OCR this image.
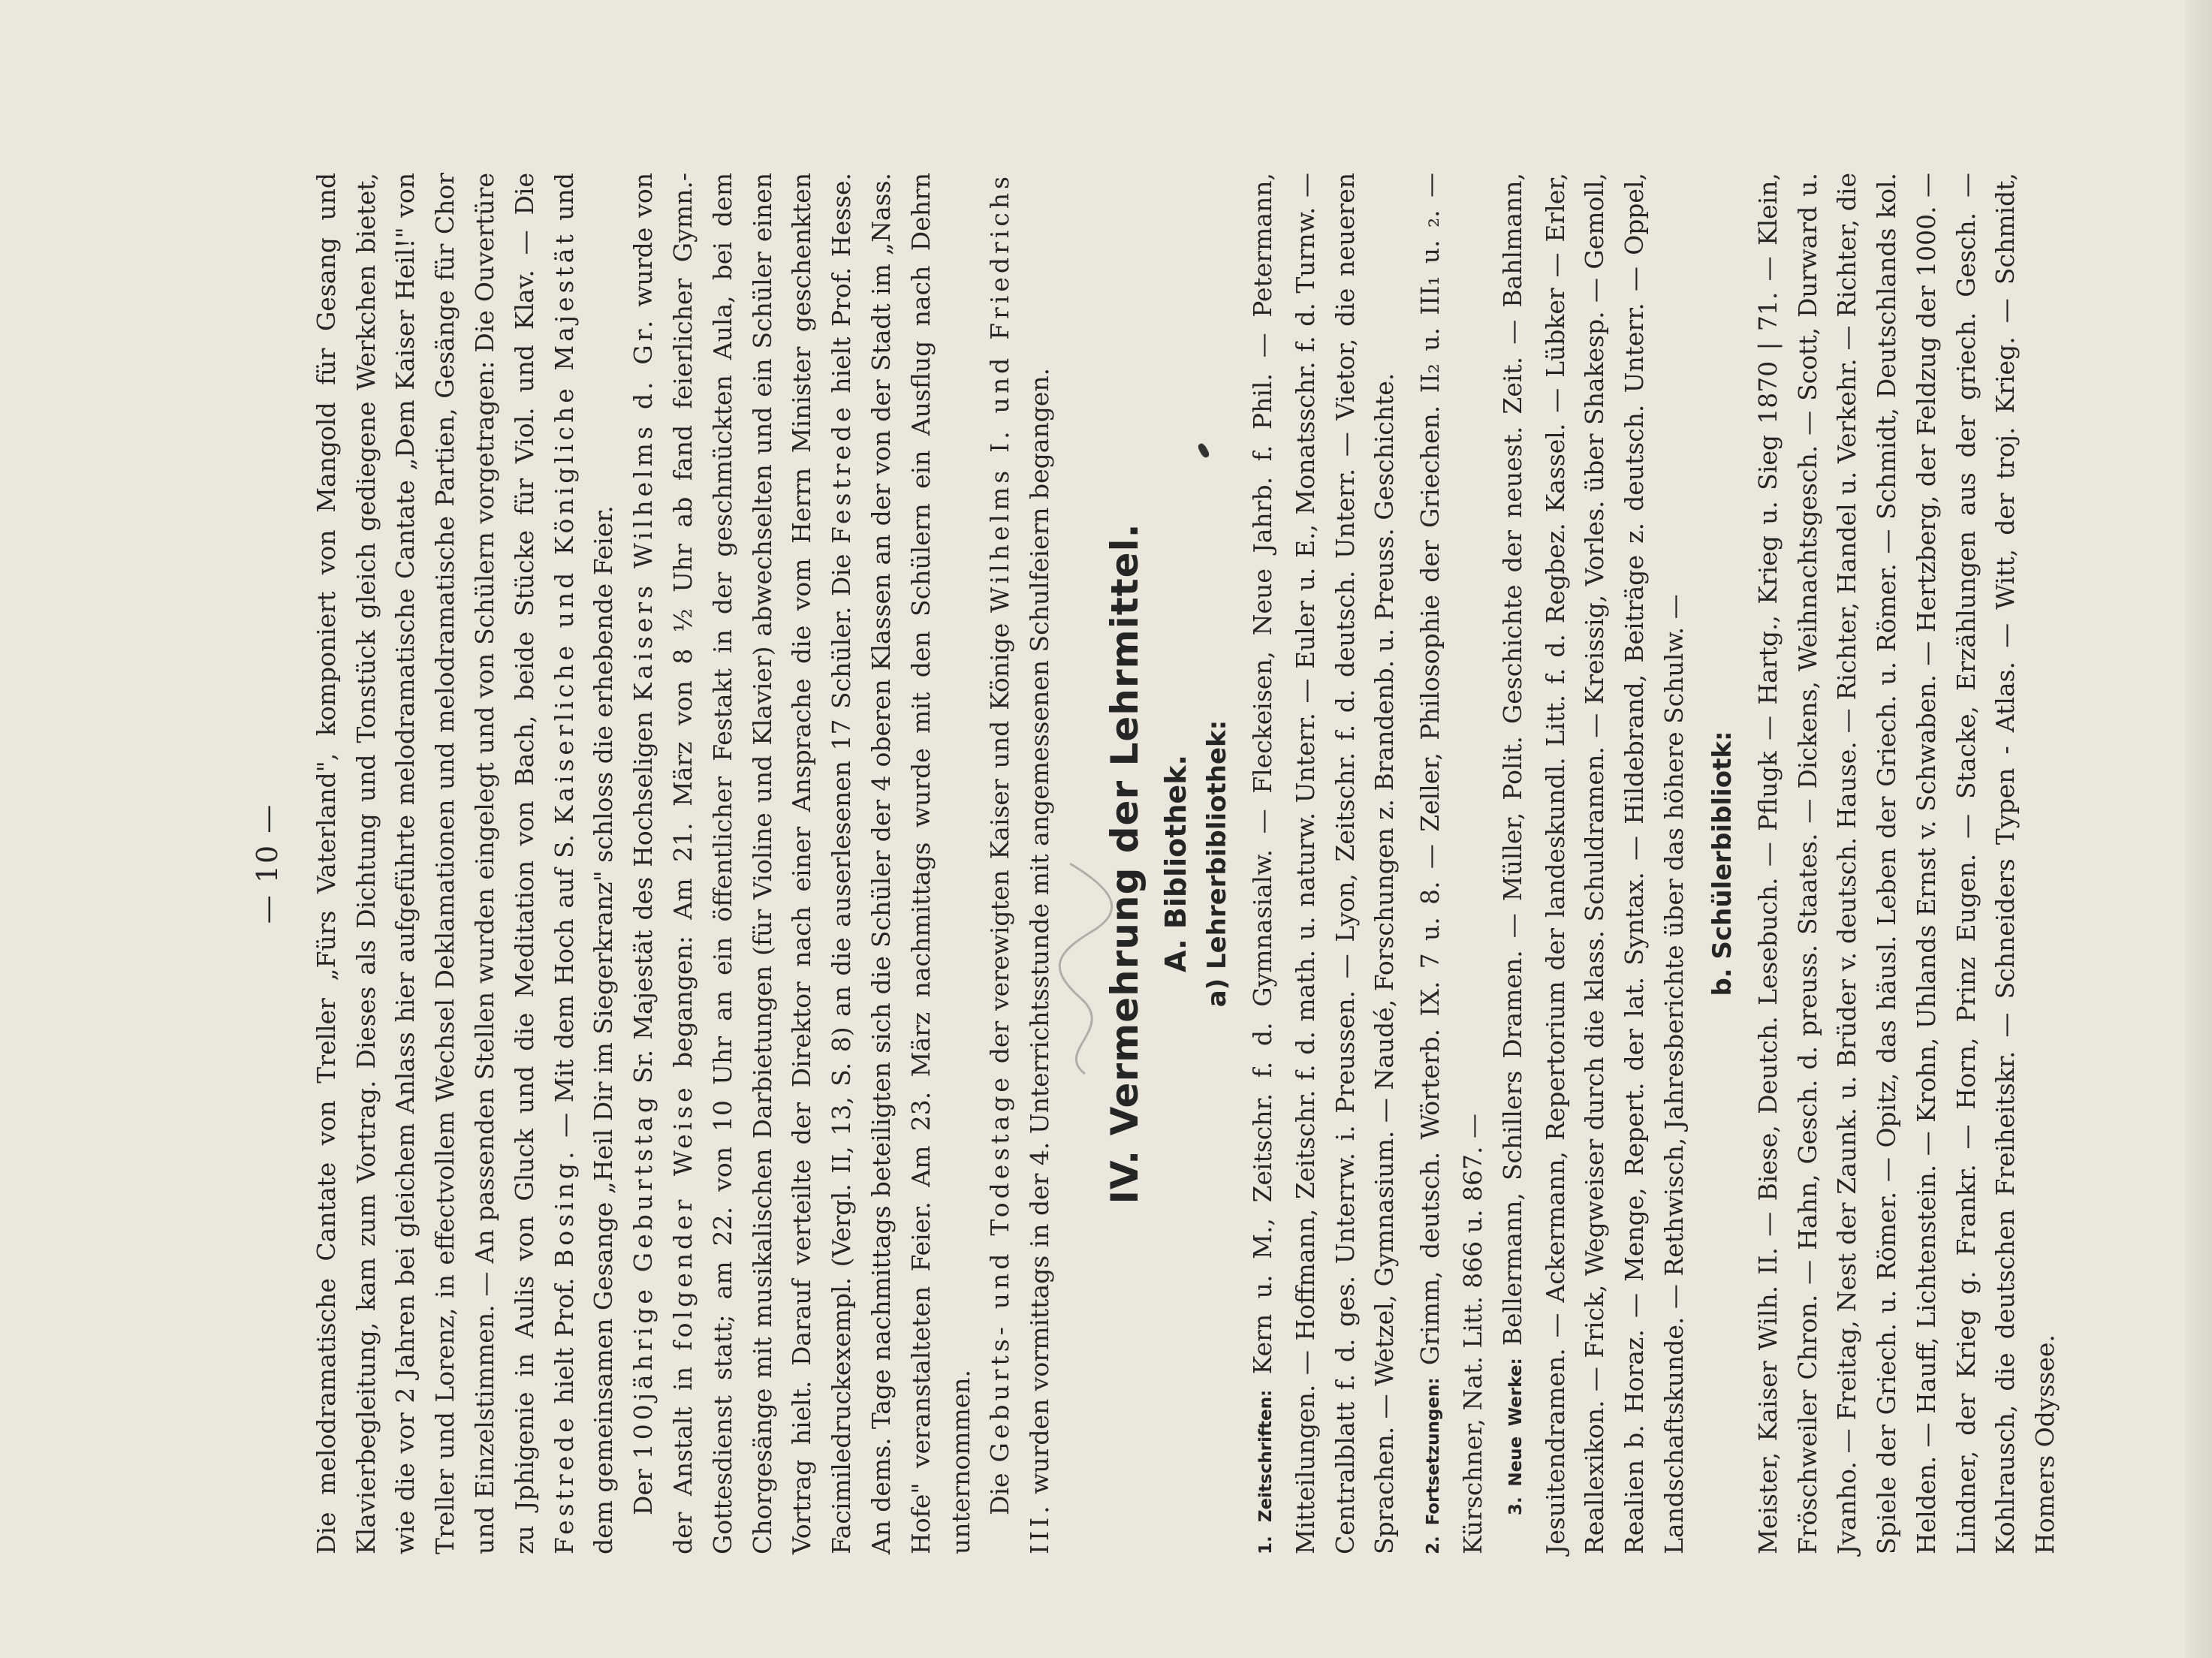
— 10 — Die melodramatische Cantate von Treller „Fürs Vaterland", komponiert von Mangold für Gesang und Klavierbegleitung, kam zum Vortrag. Dieses als Dichtung und Tonstück gleich gediegene Werkchen bietet, wie die vor 2 Jahren bei gleichem Anlass hier aufgeführte melodramatische Cantate „Dem Kaiser Heil!" von Treller und Lorenz, in effectvollem Wechsel Deklamationen und melodramatische Partien, Gesänge für Chor und Einzelstimmen. — An passenden Stellen wurden eingelegt und von Schülern vorgetragen: Die Ouvertüre zu Jphigenie in Aulis von Gluck und die Meditation von Bach, beide Stücke für Viol. und Klav. — Die Festrede hielt Prof. Bosing. — Mit dem Hoch auf S. Kaiserliche und Königliche Majestät und dem gemeinsamen Gesange „Heil Dir im Siegerkranz" schloss die erhebende Feier. Der 100jährige Geburtstag Sr. Majestät des Hochseligen Kaisers Wilhelms d. Gr. wurde von der Anstalt in folgender Weise begangen: Am 21. März von 8 ½ Uhr ab fand feierlicher Gymn.-Gottesdienst statt; am 22. von 10 Uhr an ein öffentlicher Festakt in der geschmückten Aula, bei dem Chorgesänge mit musikalischen Darbietungen (für Violine und Klavier) abwechselten und ein Schüler einen Vortrag hielt. Darauf verteilte der Direktor nach einer Ansprache die vom Herrn Minister geschenkten Facimiledruckexempl. (Vergl. II, 13, S. 8) an die auserlesenen 17 Schüler. Die Festrede hielt Prof. Hesse. An dems. Tage nachmittags beteiligten sich die Schüler der 4 oberen Klassen an der von der Stadt im „Nass. Hofe" veranstalteten Feier. Am 23. März nachmittags wurde mit den Schülern ein Ausflug nach Dehrn unternommen. Die Geburts- und Todestage der verewigten Kaiser und Könige Wilhelms I. und Friedrichs III. wurden vormittags in der 4. Unterrichtsstunde mit angemessenen Schulfeiern begangen. IV. Vermehrung der Lehrmittel. A. Bibliothek. a) Lehrerbibliothek:

1. Zeitschriften: Kern u. M., Zeitschr. f. d. Gymnasialw. — Fleckeisen, Neue Jahrb. f. Phil. — Petermann, Mitteilungen. — Hoffmann, Zeitschr. f. d. math. u. naturw. Unterr. — Euler u. E., Monatsschr. f. d. Turnw. — Centralblatt f. d. ges. Unterrw. i. Preussen. — Lyon, Zeitschr. f. d. deutsch. Unterr. — Vietor, die neueren Sprachen. — Wetzel, Gymnasium. — Naudé, Forschungen z. Brandenb. u. Preuss. Geschichte.	2. Fortsetzungen: Grimm, deutsch. Wörterb. IX. 7 u. 8. — Zeller, Philosophie der Griechen. II₂ u. III₁ u. ₂. — Kürschner, Nat. Litt. 866 u. 867. —	3. Neue Werke: Bellermann, Schillers Dramen. — Müller, Polit. Geschichte der neuest. Zeit. — Bahlmann, Jesuitendramen. — Ackermann, Repertorium der landeskundl. Litt. f. d. Regbez. Kassel. — Lübker — Erler, Reallexikon. — Frick, Wegweiser durch die klass. Schuldramen. — Kreissig, Vorles. über Shakesp. — Gemoll, Realien b. Horaz. — Menge, Repert. der lat. Syntax. — Hildebrand, Beiträge z. deutsch. Unterr. — Oppel, Landschaftskunde. — Rethwisch, Jahresberichte über das höhere Schulw. — b. Schülerbibliotk: Meister, Kaiser Wilh. II. — Biese, Deutch. Lesebuch. — Pflugk — Hartg., Krieg u. Sieg 1870 | 71. — Klein, Fröschweiler Chron. — Hahn, Gesch. d. preuss. Staates. — Dickens, Weihnachtsgesch. — Scott, Durward u. Jvanho. — Freitag, Nest der Zaunk. u. Brüder v. deutsch. Hause. — Richter, Handel u. Verkehr. — Richter, die Spiele der Griech. u. Römer. — Opitz, das häusl. Leben der Griech. u. Römer. — Schmidt, Deutschlands kol. Helden. — Hauff, Lichtenstein. — Krohn, Uhlands Ernst v. Schwaben. — Hertzberg, der Feldzug der 1000. — Lindner, der Krieg g. Frankr. — Horn, Prinz Eugen. — Stacke, Erzählungen aus der griech. Gesch. — Kohlrausch, die deutschen Freiheitskr. — Schneiders Typen - Atlas. — Witt, der troj. Krieg. — Schmidt, Homers Odyssee.
